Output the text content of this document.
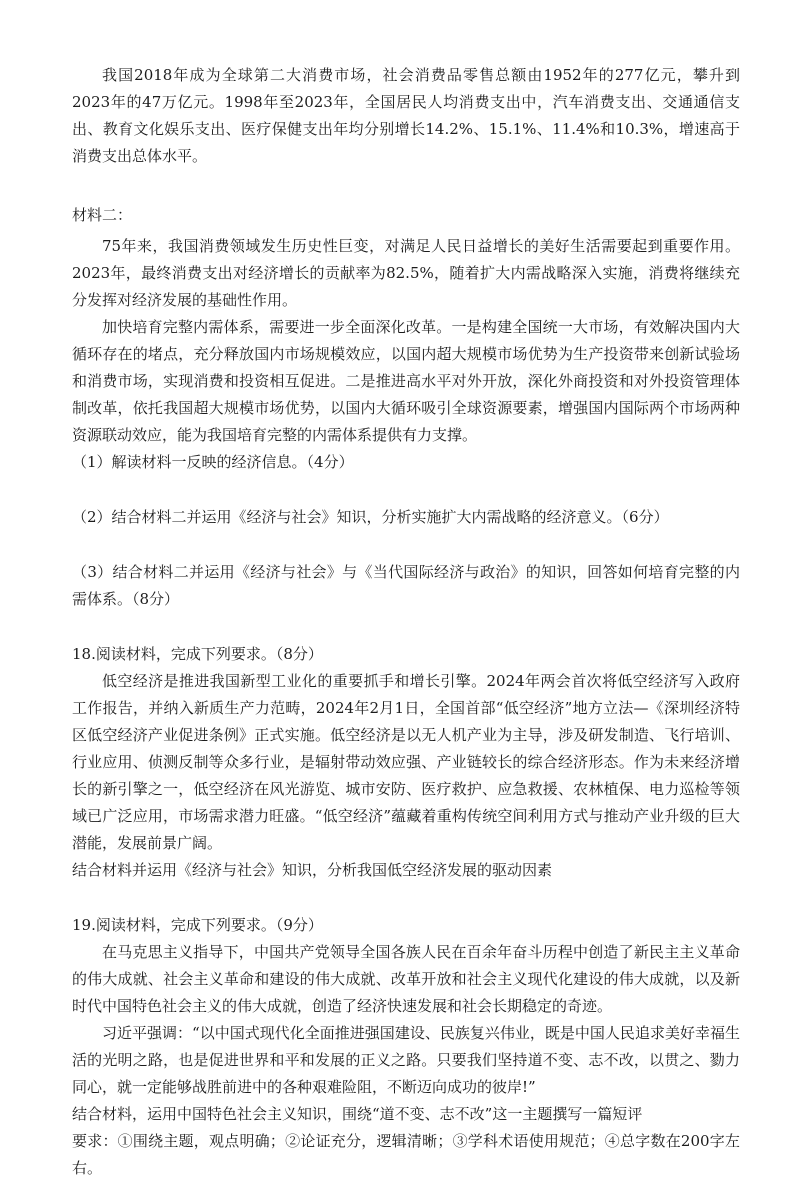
我国2018年成为全球第二大消费市场，社会消费品零售总额由1952年的277亿元，攀升到2023年的47万亿元。1998年至2023年，全国居民人均消费支出中，汽车消费支出、交通通信支出、教育文化娱乐支出、医疗保健支出年均分别增长14.2%、15.1%、11.4%和10.3%，增速高于消费支出总体水平。

材料二：

75年来，我国消费领域发生历史性巨变，对满足人民日益增长的美好生活需要起到重要作用。2023年，最终消费支出对经济增长的贡献率为82.5%，随着扩大内需战略深入实施，消费将继续充分发挥对经济发展的基础性作用。

加快培育完整内需体系，需要进一步全面深化改革。一是构建全国统一大市场，有效解决国内大循环存在的堵点，充分释放国内市场规模效应，以国内超大规模市场优势为生产投资带来创新试验场和消费市场，实现消费和投资相互促进。二是推进高水平对外开放，深化外商投资和对外投资管理体制改革，依托我国超大规模市场优势，以国内大循环吸引全球资源要素，增强国内国际两个市场两种资源联动效应，能为我国培育完整的内需体系提供有力支撑。

（1）解读材料一反映的经济信息。（4分）

（2）结合材料二并运用《经济与社会》知识，分析实施扩大内需战略的经济意义。（6分）

（3）结合材料二并运用《经济与社会》与《当代国际经济与政治》的知识，回答如何培育完整的内需体系。（8分）

18.阅读材料，完成下列要求。（8分）

低空经济是推进我国新型工业化的重要抓手和增长引擎。2024年两会首次将低空经济写入政府工作报告，并纳入新质生产力范畴，2024年2月1日，全国首部“低空经济”地方立法—《深圳经济特区低空经济产业促进条例》正式实施。低空经济是以无人机产业为主导，涉及研发制造、飞行培训、行业应用、侦测反制等众多行业，是辐射带动效应强、产业链较长的综合经济形态。作为未来经济增长的新引擎之一，低空经济在风光游览、城市安防、医疗救护、应急救援、农林植保、电力巡检等领域已广泛应用，市场需求潜力旺盛。“低空经济”蕴藏着重构传统空间利用方式与推动产业升级的巨大潜能，发展前景广阔。

结合材料并运用《经济与社会》知识，分析我国低空经济发展的驱动因素

19.阅读材料，完成下列要求。（9分）

在马克思主义指导下，中国共产党领导全国各族人民在百余年奋斗历程中创造了新民主主义革命的伟大成就、社会主义革命和建设的伟大成就、改革开放和社会主义现代化建设的伟大成就，以及新时代中国特色社会主义的伟大成就，创造了经济快速发展和社会长期稳定的奇迹。

习近平强调：“以中国式现代化全面推进强国建设、民族复兴伟业，既是中国人民追求美好幸福生活的光明之路，也是促进世界和平和发展的正义之路。只要我们坚持道不变、志不改，以贯之、勠力同心，就一定能够战胜前进中的各种艰难险阻，不断迈向成功的彼岸!”

结合材料，运用中国特色社会主义知识，围绕“道不变、志不改”这一主题撰写一篇短评

要求：①围绕主题，观点明确；②论证充分，逻辑清晰；③学科术语使用规范；④总字数在200字左右。
